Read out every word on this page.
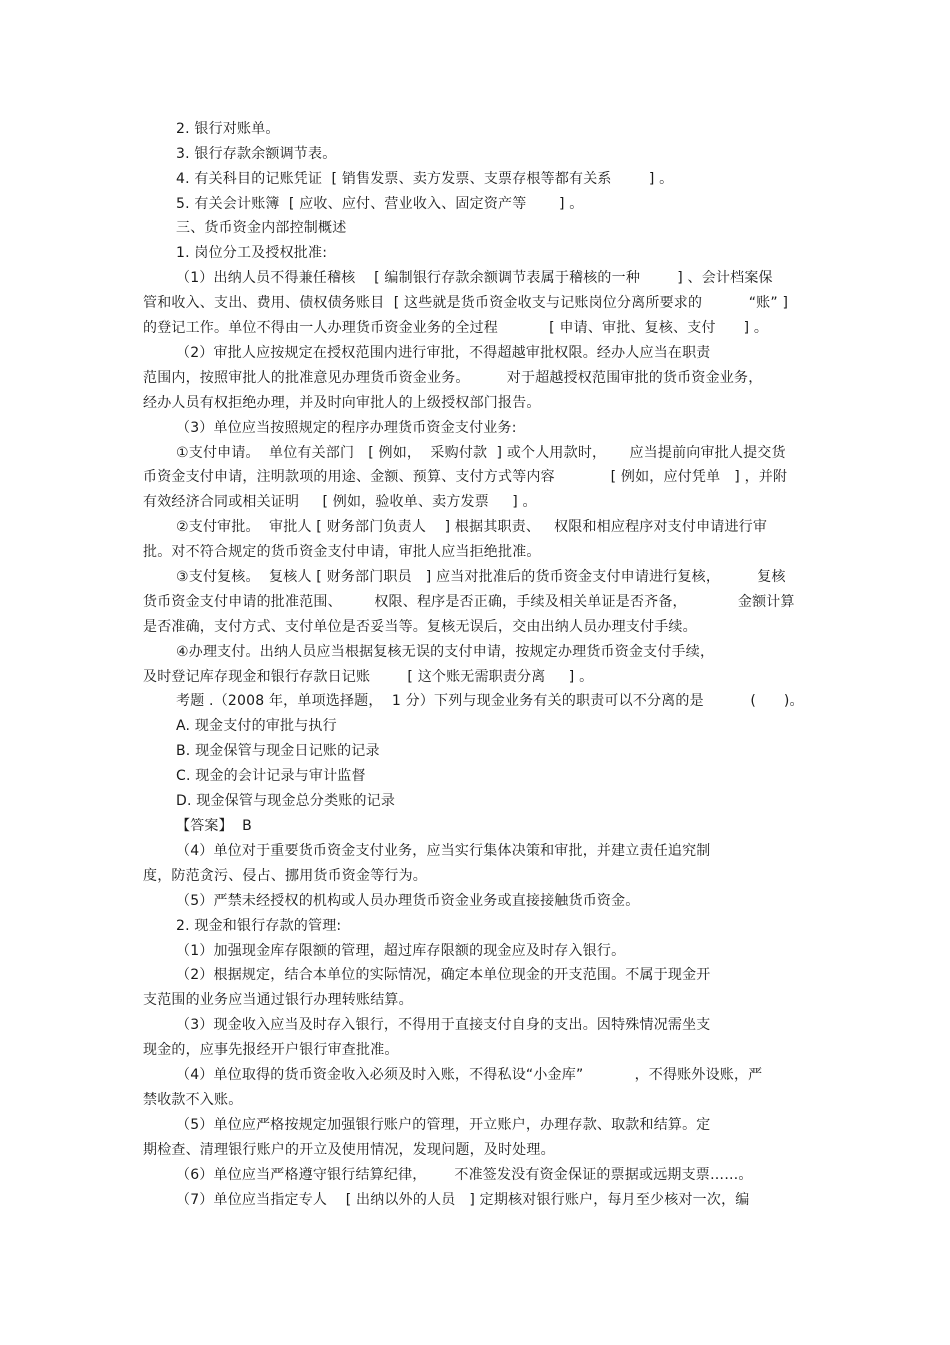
2. 银行对账单。
3. 银行存款余额调节表。
4. 有关科目的记账凭证  [ 销售发票、卖方发票、支票存根等都有关系        ] 。
5. 有关会计账簿  [ 应收、应付、营业收入、固定资产等       ] 。
三、货币资金内部控制概述
1. 岗位分工及授权批准:
（1）出纳人员不得兼任稽核    [ 编制银行存款余额调节表属于稽核的一种        ] 、会计档案保
管和收入、支出、费用、债权债务账目  [ 这些就是货币资金收支与记账岗位分离所要求的          “账” ]
的登记工作。单位不得由一人办理货币资金业务的全过程           [ 申请、审批、复核、支付      ] 。
（2）审批人应按规定在授权范围内进行审批，不得超越审批权限。经办人应当在职责
范围内，按照审批人的批准意见办理货币资金业务。        对于超越授权范围审批的货币资金业务，
经办人员有权拒绝办理，并及时向审批人的上级授权部门报告。
（3）单位应当按照规定的程序办理货币资金支付业务:
①支付申请。  单位有关部门   [ 例如，  采购付款  ] 或个人用款时，     应当提前向审批人提交货
币资金支付申请，注明款项的用途、金额、预算、支付方式等内容            [ 例如，应付凭单   ] ，并附
有效经济合同或相关证明     [ 例如，验收单、卖方发票     ] 。
②支付审批。  审批人 [ 财务部门负责人    ] 根据其职责、   权限和相应程序对支付申请进行审
批。对不符合规定的货币资金支付申请，审批人应当拒绝批准。
③支付复核。  复核人 [ 财务部门职员   ] 应当对批准后的货币资金支付申请进行复核，        复核
货币资金支付申请的批准范围、       权限、程序是否正确，手续及相关单证是否齐备，           金额计算
是否准确，支付方式、支付单位是否妥当等。复核无误后，交由出纳人员办理支付手续。
④办理支付。出纳人员应当根据复核无误的支付申请，按规定办理货币资金支付手续，
及时登记库存现金和银行存款日记账        [ 这个账无需职责分离     ] 。
考题 .（2008 年，单项选择题，  1 分）下列与现金业务有关的职责可以不分离的是          (      )。
A. 现金支付的审批与执行
B. 现金保管与现金日记账的记录
C. 现金的会计记录与审计监督
D. 现金保管与现金总分类账的记录
【答案】  B
（4）单位对于重要货币资金支付业务，应当实行集体决策和审批，并建立责任追究制
度，防范贪污、侵占、挪用货币资金等行为。
（5）严禁未经授权的机构或人员办理货币资金业务或直接接触货币资金。
2. 现金和银行存款的管理:
（1）加强现金库存限额的管理，超过库存限额的现金应及时存入银行。
（2）根据规定，结合本单位的实际情况，确定本单位现金的开支范围。不属于现金开
支范围的业务应当通过银行办理转账结算。
（3）现金收入应当及时存入银行，不得用于直接支付自身的支出。因特殊情况需坐支
现金的，应事先报经开户银行审查批准。
（4）单位取得的货币资金收入必须及时入账，不得私设“小金库”           ，不得账外设账，严
禁收款不入账。
（5）单位应严格按规定加强银行账户的管理，开立账户，办理存款、取款和结算。定
期检查、清理银行账户的开立及使用情况，发现问题，及时处理。
（6）单位应当严格遵守银行结算纪律，      不准签发没有资金保证的票据或远期支票……。
（7）单位应当指定专人    [ 出纳以外的人员   ] 定期核对银行账户，每月至少核对一次，编
